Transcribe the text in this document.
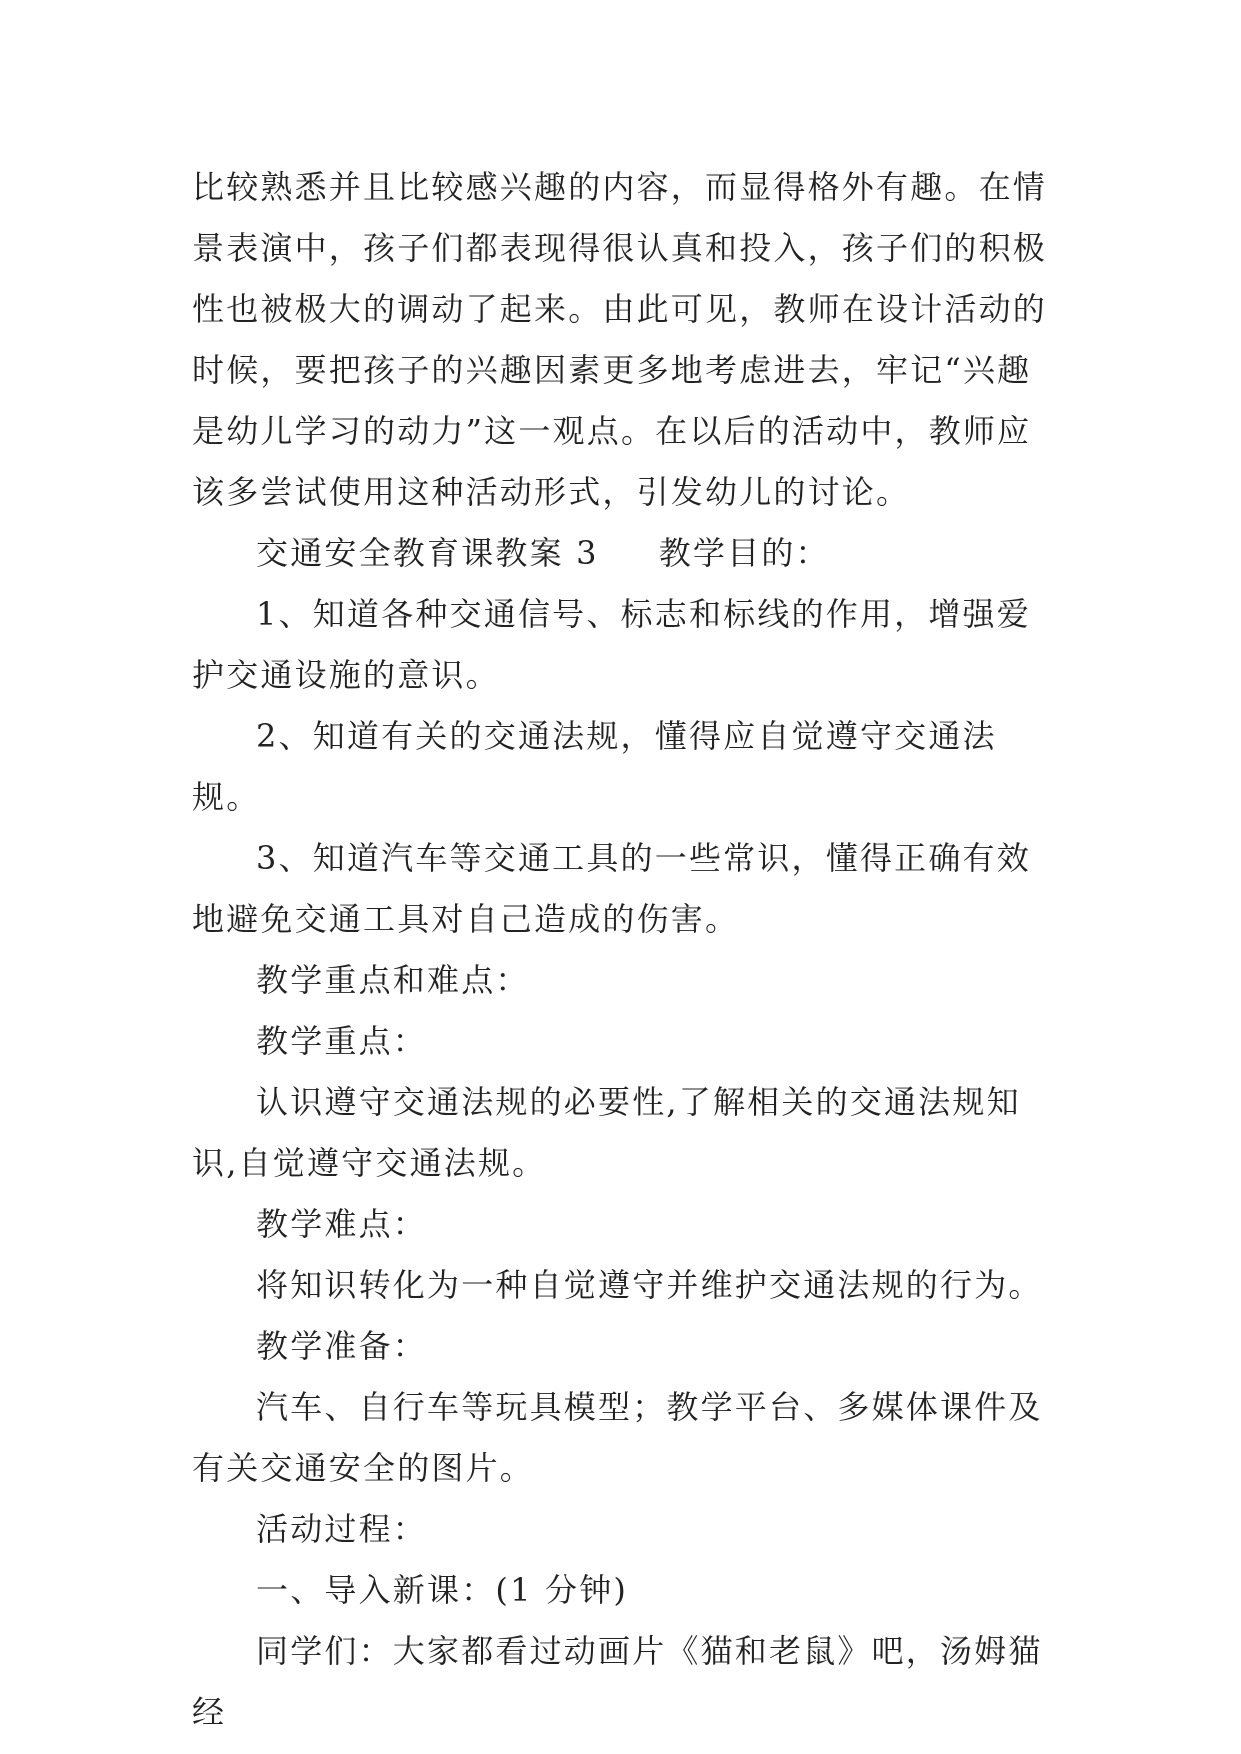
比较熟悉并且比较感兴趣的内容，而显得格外有趣。在情景表演中，孩子们都表现得很认真和投入，孩子们的积极性也被极大的调动了起来。由此可见，教师在设计活动的时候，要把孩子的兴趣因素更多地考虑进去，牢记“兴趣是幼儿学习的动力”这一观点。在以后的活动中，教师应该多尝试使用这种活动形式，引发幼儿的讨论。

交通安全教育课教案 3 教学目的：

1、知道各种交通信号、标志和标线的作用，增强爱护交通设施的意识。

2、知道有关的交通法规，懂得应自觉遵守交通法规。

3、知道汽车等交通工具的一些常识，懂得正确有效地避免交通工具对自己造成的伤害。

教学重点和难点：

教学重点：

认识遵守交通法规的必要性,了解相关的交通法规知识,自觉遵守交通法规。

教学难点：

将知识转化为一种自觉遵守并维护交通法规的行为。

教学准备：

汽车、自行车等玩具模型；教学平台、多媒体课件及有关交通安全的图片。

活动过程：

一、导入新课：(1 分钟)

同学们：大家都看过动画片《猫和老鼠》吧，汤姆猫经
